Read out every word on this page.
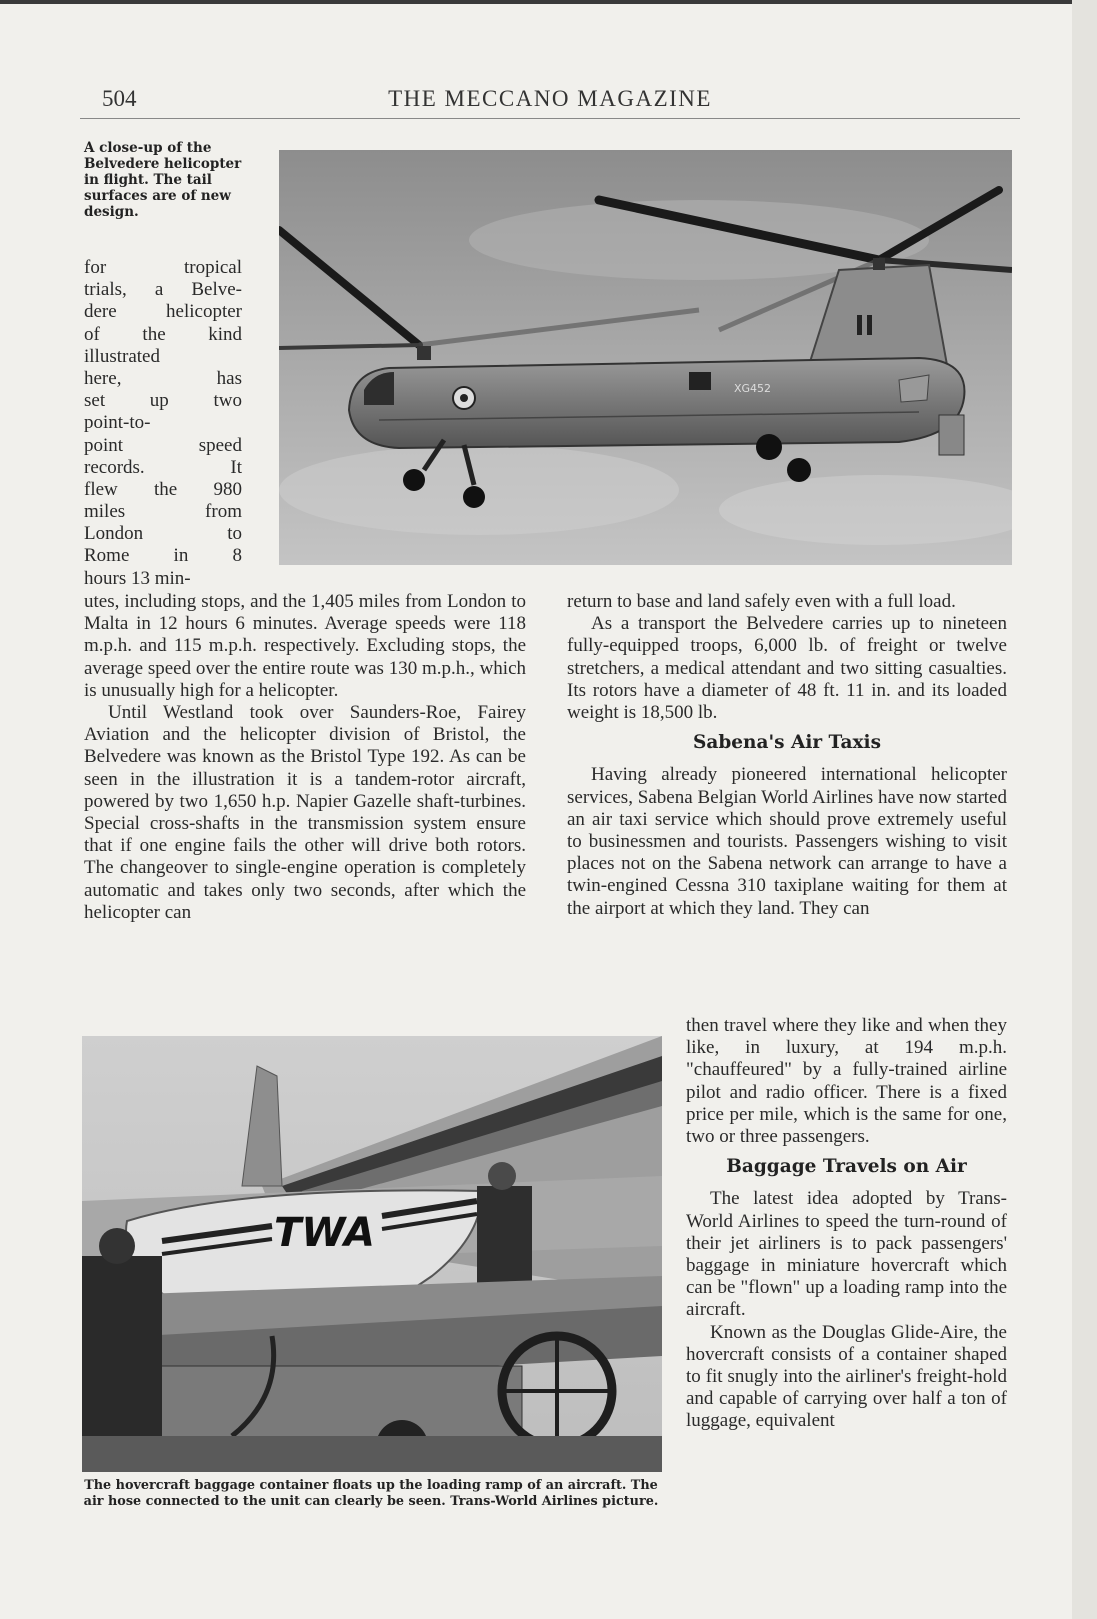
504	THE MECCANO MAGAZINE
A close-up of the Belvedere helicopter in flight. The tail surfaces are of new design.
XG452
for tropical
trials, a Belve-
dere helicopter
of the kind
illustrated
here, has
set up two
point-to-
point speed
records. It
flew the 980
miles from
London to
Rome in 8
hours 13 min-

utes, including stops, and the 1,405 miles from London to Malta in 12 hours 6 minutes. Average speeds were 118 m.p.h. and 115 m.p.h. respectively. Excluding stops, the average speed over the entire route was 130 m.p.h., which is unusually high for a helicopter.

Until Westland took over Saunders-Roe, Fairey Aviation and the helicopter division of Bristol, the Belvedere was known as the Bristol Type 192. As can be seen in the illustration it is a tandem-rotor aircraft, powered by two 1,650 h.p. Napier Gazelle shaft-turbines. Special cross-shafts in the transmission system ensure that if one engine fails the other will drive both rotors. The changeover to single-engine operation is completely automatic and takes only two seconds, after which the helicopter can

return to base and land safely even with a full load.

As a transport the Belvedere carries up to nineteen fully-equipped troops, 6,000 lb. of freight or twelve stretchers, a medical attendant and two sitting casualties. Its rotors have a diameter of 48 ft. 11 in. and its loaded weight is 18,500 lb.

Sabena's Air Taxis

Having already pioneered international helicopter services, Sabena Belgian World Airlines have now started an air taxi service which should prove extremely useful to businessmen and tourists. Passengers wishing to visit places not on the Sabena network can arrange to have a twin-engined Cessna 310 taxiplane waiting for them at the airport at which they land. They can

TWA
The hovercraft baggage container floats up the loading ramp of an aircraft. The air hose connected to the unit can clearly be seen. Trans-World Airlines picture.

then travel where they like and when they like, in luxury, at 194 m.p.h. "chauffeured" by a fully-trained airline pilot and radio officer. There is a fixed price per mile, which is the same for one, two or three passengers.

Baggage Travels on Air

The latest idea adopted by Trans-World Airlines to speed the turn-round of their jet airliners is to pack passengers' baggage in miniature hovercraft which can be "flown" up a loading ramp into the aircraft.

Known as the Douglas Glide-Aire, the hovercraft consists of a container shaped to fit snugly into the airliner's freight-hold and capable of carrying over half a ton of luggage, equivalent
